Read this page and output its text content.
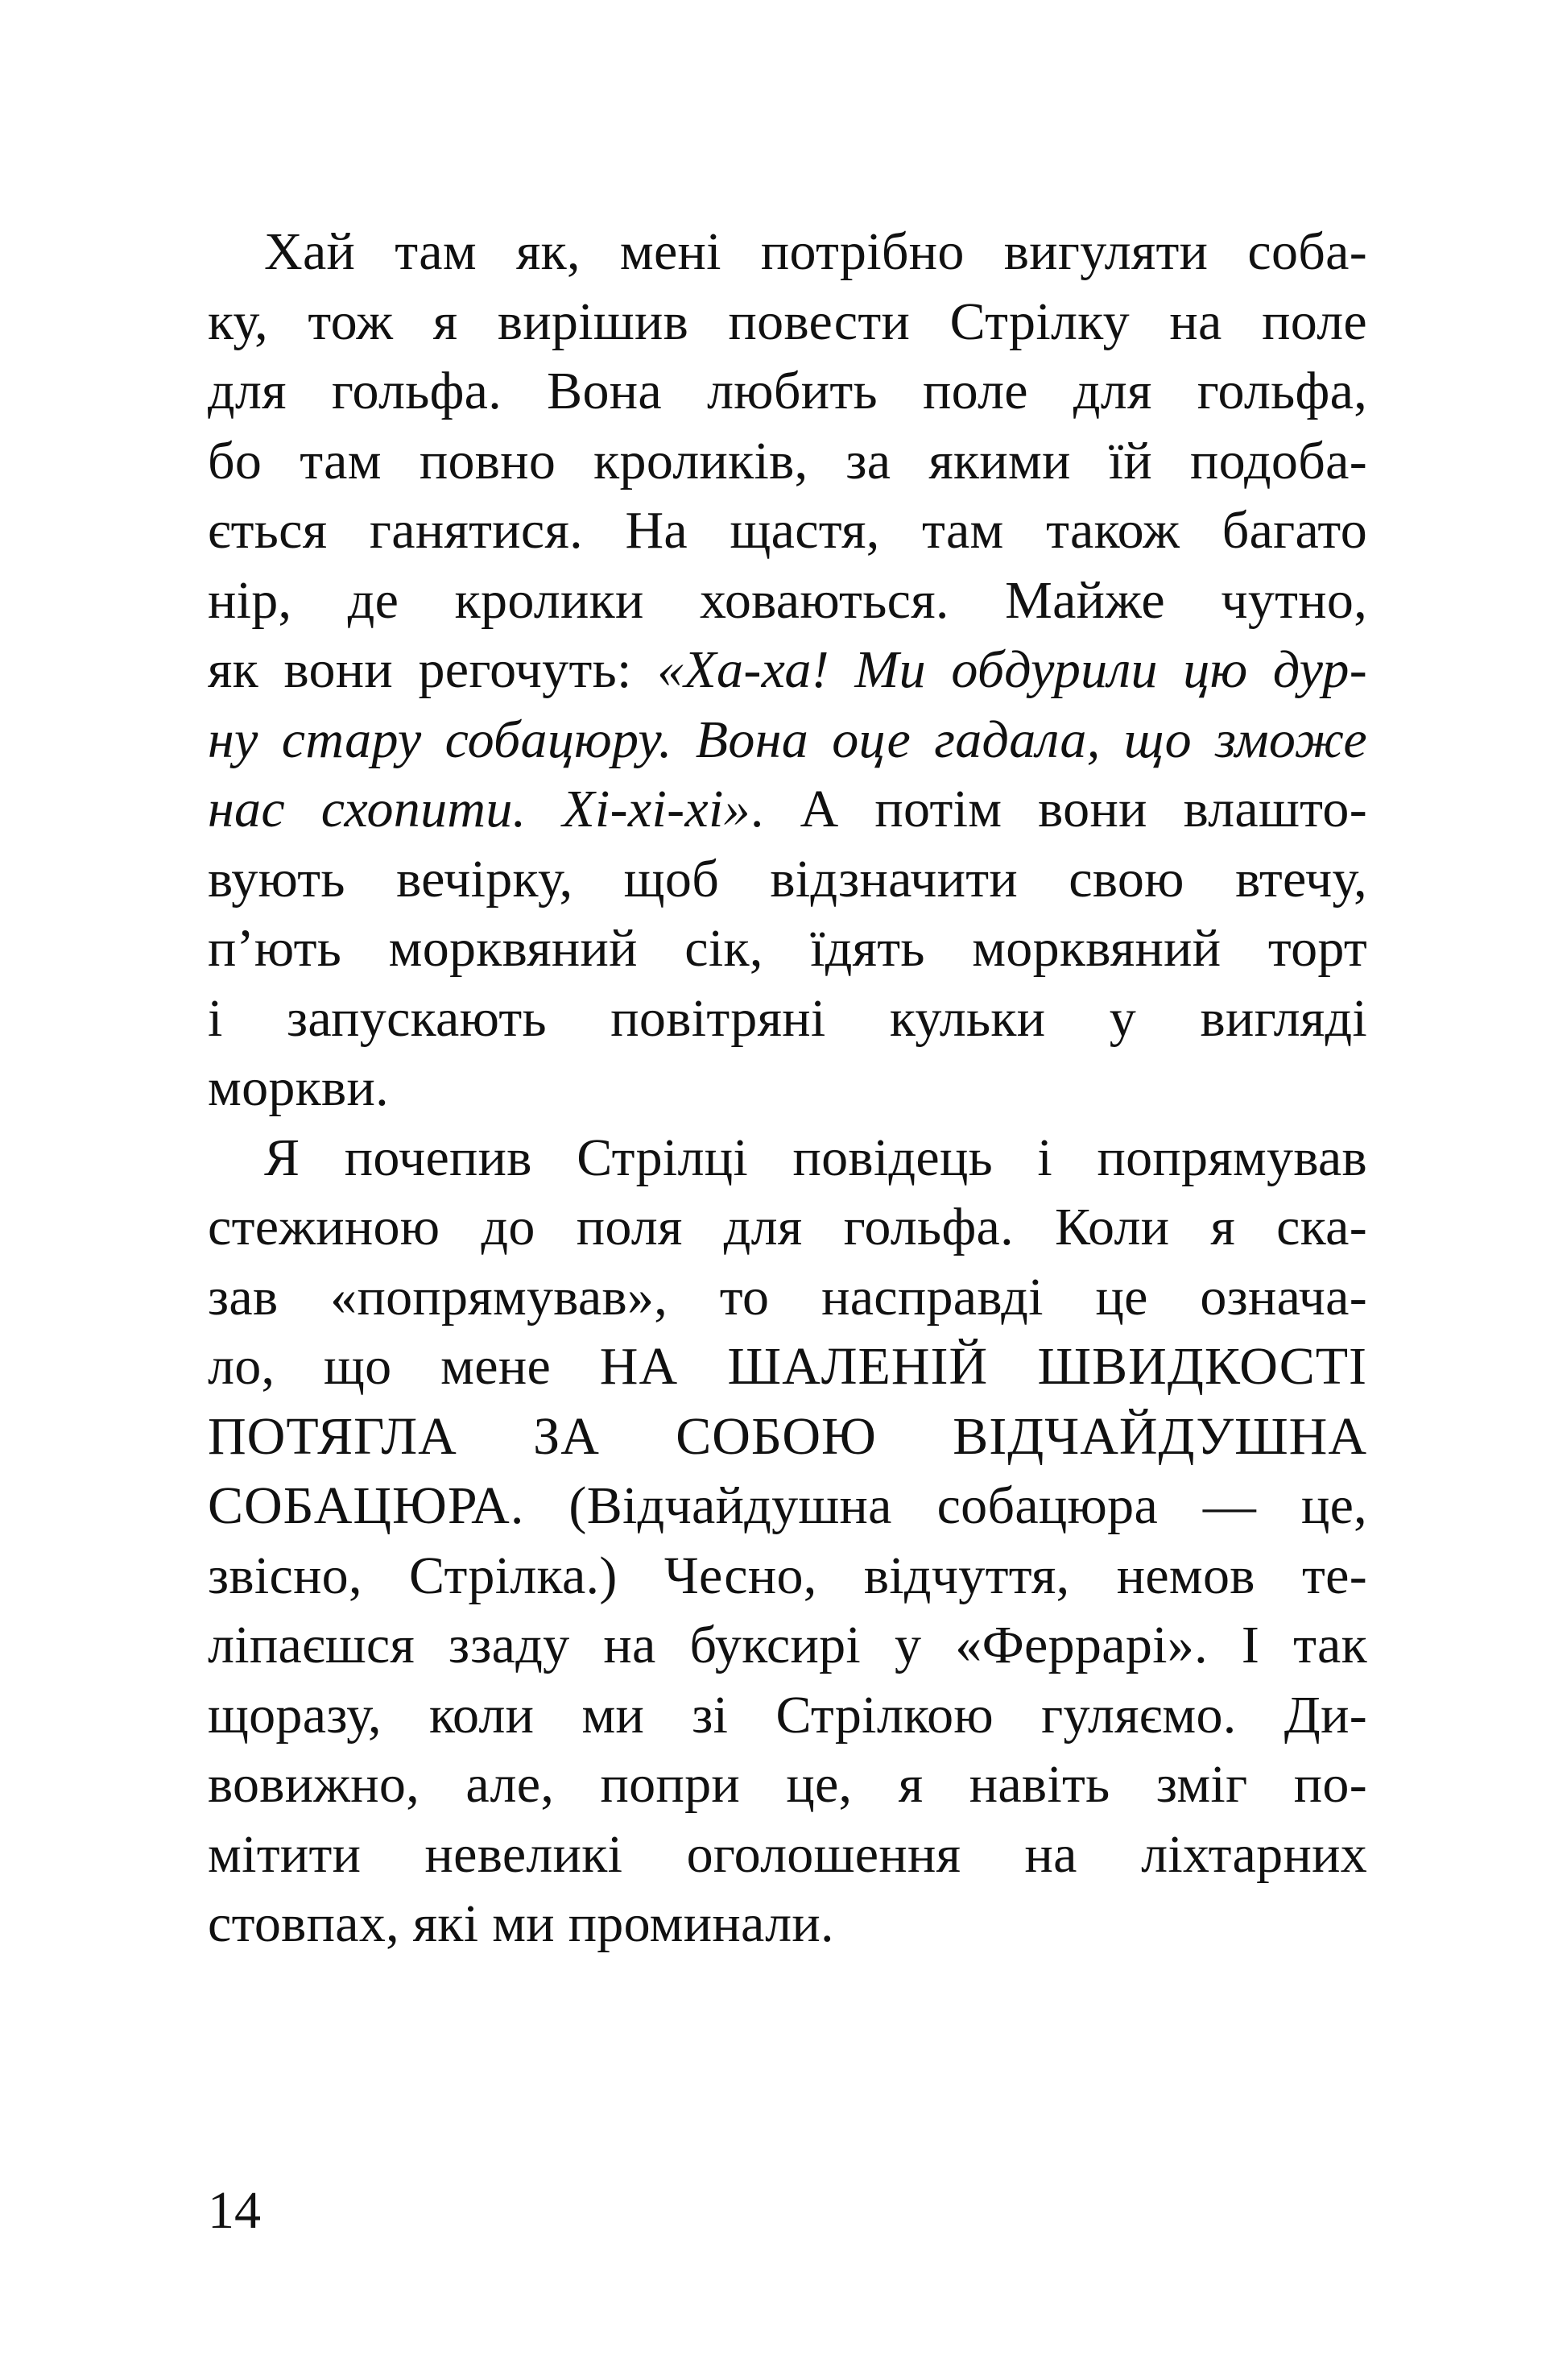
Хай там як, мені потрібно вигуляти соба-
ку, тож я вирішив повести Стрілку на поле
для гольфа. Вона любить поле для гольфа,
бо там повно кроликів, за якими їй подоба-
ється ганятися. На щастя, там також багато
нір, де кролики ховаються. Майже чутно,
як вони регочуть: «Ха-ха! Ми обдурили цю дур-
ну стару собацюру. Вона оце гадала, що зможе
нас схопити. Хі-хі-хі». А потім вони влашто-
вують вечірку, щоб відзначити свою втечу,
п’ють морквяний сік, їдять морквяний торт
і запускають повітряні кульки у вигляді
моркви.
Я почепив Стрілці повідець і попрямував
стежиною до поля для гольфа. Коли я ска-
зав «попрямував», то насправді це означа-
ло, що мене НА ШАЛЕНІЙ ШВИДКОСТІ
ПОТЯГЛА ЗА СОБОЮ ВІДЧАЙДУШНА
СОБАЦЮРА. (Відчайдушна собацюра — це,
звісно, Стрілка.) Чесно, відчуття, немов те-
ліпаєшся ззаду на буксирі у «Феррарі». І так
щоразу, коли ми зі Стрілкою гуляємо. Ди-
вовижно, але, попри це, я навіть зміг по-
мітити невеликі оголошення на ліхтарних
стовпах, які ми проминали.
14
